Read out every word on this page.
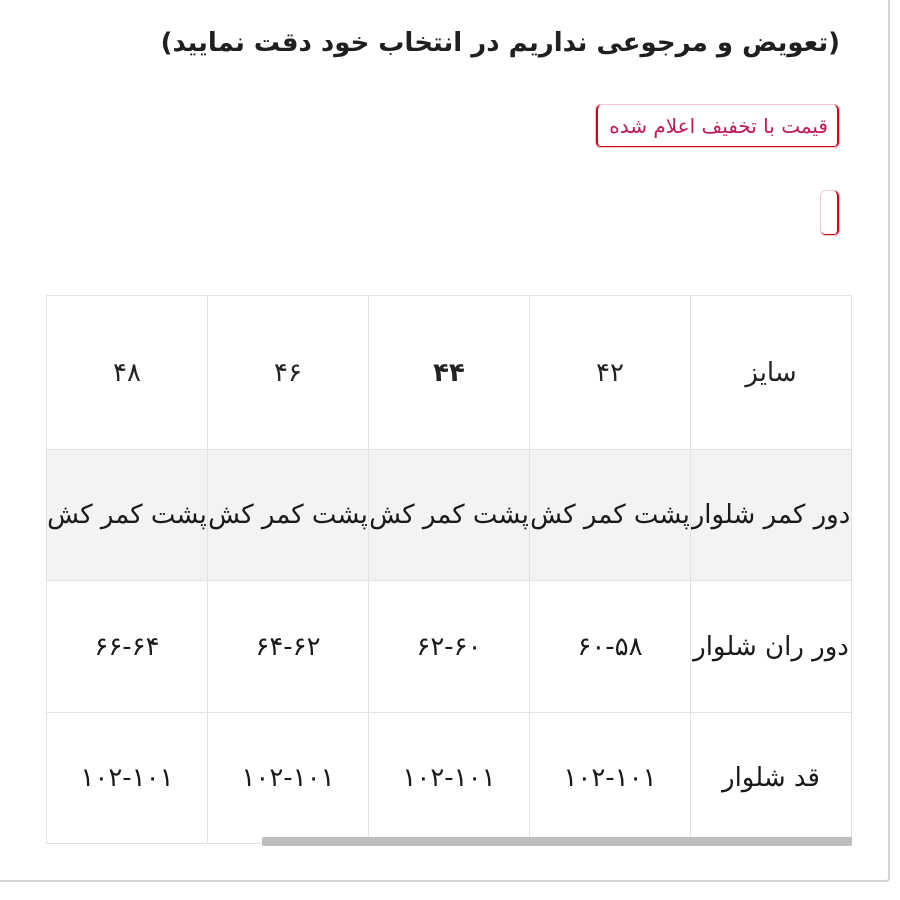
(تعویض و مرجوعی نداریم در انتخاب خود دقت نمایید)
قیمت با تخفیف اعلام شده
سایز	۴۲	۴۴	۴۶	۴۸
دور کمر شلوار	پشت کمر کش	پشت کمر کش	پشت کمر کش	پشت کمر کش
دور ران شلوار	۶۰-۵۸	۶۲-۶۰	۶۴-۶۲	۶۶-۶۴
قد شلوار	۱۰۲-۱۰۱	۱۰۲-۱۰۱	۱۰۲-۱۰۱	۱۰۲-۱۰۱
